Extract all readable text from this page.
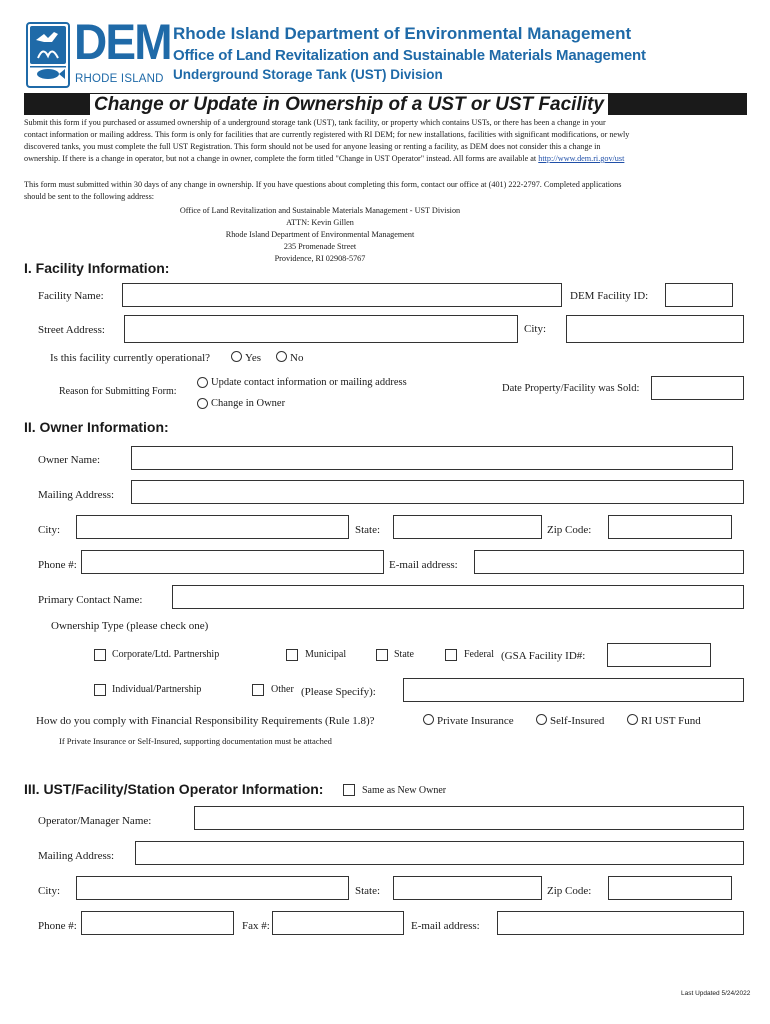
DEM
RHODE ISLAND
Rhode Island Department of Environmental Management
Office of Land Revitalization and Sustainable Materials Management
Underground Storage Tank (UST) Division
Change or Update in Ownership of a UST or UST Facility
Submit this form if you purchased or assumed ownership of a underground storage tank (UST), tank facility, or property which contains USTs, or there has been a change in your
contact information or mailing address. This form is only for facilities that are currently registered with RI DEM; for new installations, facilities with significant modifications, or newly
discovered tanks, you must complete the full UST Registration. This form should not be used for anyone leasing or renting a facility, as DEM does not consider this a change in
ownership. If there is a change in operator, but not a change in owner, complete the form titled "Change in UST Operator" instead. All forms are available at http://www.dem.ri.gov/ust
This form must submitted within 30 days of any change in ownership. If you have questions about completing this form, contact our office at (401) 222-2797. Completed applications
should be sent to the following address:
Office of Land Revitalization and Sustainable Materials Management - UST Division
ATTN: Kevin Gillen
Rhode Island Department of Environmental Management
235 Promenade Street
Providence, RI 02908-5767
I. Facility Information:
Facility Name:	DEM Facility ID:
Street Address:	City:
Is this facility currently operational?	Yes	No
Reason for Submitting Form:
Update contact information or mailing address
Change in Owner
Date Property/Facility was Sold:
II. Owner Information:
Owner Name:
Mailing Address:
City:	State:	Zip Code:
Phone #:	E-mail address:
Primary Contact Name:
Ownership Type (please check one)
Corporate/Ltd. Partnership	Municipal	State	Federal (GSA Facility ID#:
Individual/Partnership	Other (Please Specify):
How do you comply with Financial Responsibility Requirements (Rule 1.8)?	Private Insurance	Self-Insured	RI UST Fund
If Private Insurance or Self-Insured, supporting documentation must be attached
III. UST/Facility/Station Operator Information:	Same as New Owner
Operator/Manager Name:
Mailing Address:
City:	State:	Zip Code:
Phone #:	Fax #:	E-mail address:
Last Updated 5/24/2022
